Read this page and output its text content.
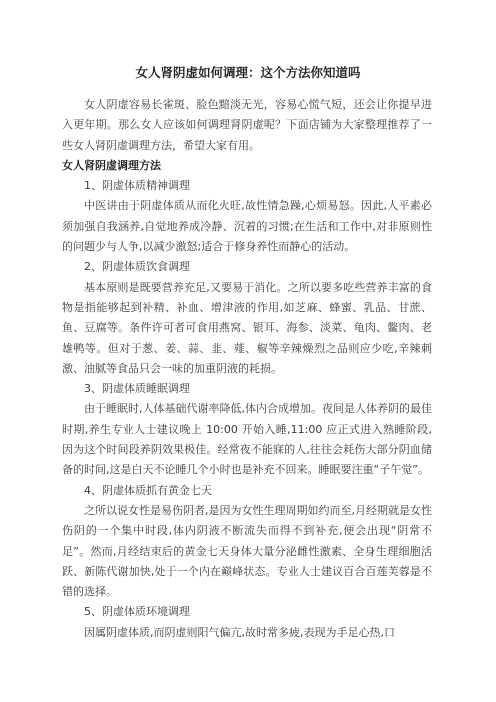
女人肾阴虚如何调理：这个方法你知道吗

女人阴虚容易长雀斑、脸色黯淡无光，容易心慌气短，还会让你提早进入更年期。那么女人应该如何调理肾阴虚呢？下面店铺为大家整理推荐了一些女人肾阴虚调理方法，希望大家有用。

女人肾阴虚调理方法

1、阴虚体质精神调理

中医讲由于阴虚体质从而化火旺,故性情急躁,心烦易怒。因此,人平素必须加强自我涵养,自觉地养成冷静、沉着的习惯;在生活和工作中,对非原则性的问题少与人争,以减少激怒;适合于修身养性而静心的活动。

2、阴虚体质饮食调理

基本原则是既要营养充足,又要易于消化。之所以要多吃些营养丰富的食物是指能够起到补精、补血、增津液的作用,如芝麻、蜂蜜、乳品、甘蔗、鱼、豆腐等。条件许可者可食用燕窝、银耳、海参、淡菜、龟肉、鳖肉、老雄鸭等。但对于葱、姜、蒜、韭、薤、椒等辛辣燥烈之品则应少吃,辛辣刺激、油腻等食品只会一味的加重阴液的耗损。

3、阴虚体质睡眠调理

由于睡眠时,人体基础代谢率降低,体内合成增加。夜间是人体养阴的最佳时期,养生专业人士建议晚上 10:00 开始入睡,11:00 应正式进入熟睡阶段,因为这个时间段养阴效果极佳。经常夜不能寐的人,往往会耗伤大部分阴血储备的时间,这是白天不论睡几个小时也是补充不回来。睡眠要注重“子午觉”。

4、阴虚体质抓有黄金七天

之所以说女性是易伤阴者,是因为女性生理周期如约而至,月经期就是女性伤阴的一个集中时段,体内阴液不断流失而得不到补充,便会出现“阴常不足”。然而,月经结束后的黄金七天身体大量分泌雌性激素、全身生理细胞活跃、新陈代谢加快,处于一个内在巅峰状态。专业人士建议百合百莲芙蓉是不错的选择。

5、阴虚体质环境调理

因属阴虚体质,而阴虚则阳气偏亢,故时常多疲,表现为手足心热,口
